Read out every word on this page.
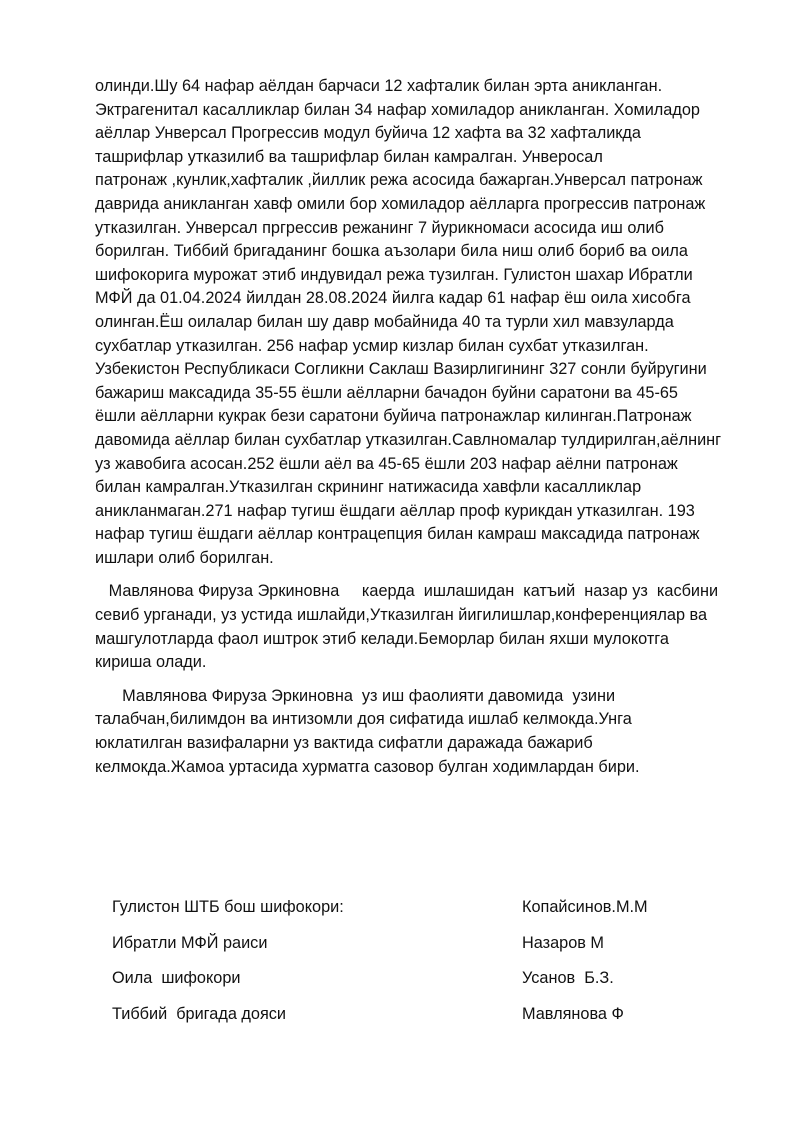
олинди.Шу 64 нафар аёлдан барчаси 12 хафталик билан эрта аникланган.
Эктрагенитал касалликлар билан 34 нафар хомиладор аникланган. Хомиладор
аёллар Унверсал Прогрессив модул буйича 12 хафта ва 32 хафталикда
ташрифлар утказилиб ва ташрифлар билан камралган. Унверосал
патронаж ,кунлик,хафталик ,йиллик режа асосида бажарган.Унверсал патронаж
даврида аникланган хавф омили бор хомиладор аёлларга прогрессив патронаж
утказилган. Унверсал пргрессив режанинг 7 йурикномаси асосида иш олиб
борилган. Тиббий бригаданинг бошка аъзолари била ниш олиб бориб ва оила
шифокорига мурожат этиб индувидал режа тузилган. Гулистон шахар Ибратли
МФЙ да 01.04.2024 йилдан 28.08.2024 йилга кадар 61 нафар ёш оила хисобга
олинган.Ёш оилалар билан шу давр мобайнида 40 та турли хил мавзуларда
сухбатлар утказилган. 256 нафар усмир кизлар билан сухбат утказилган.
Узбекистон Республикаси Согликни Саклаш Вазирлигининг 327 сонли буйругини
бажариш максадида 35-55 ёшли аёлларни бачадон буйни саратони ва 45-65
ёшли аёлларни кукрак бези саратони буйича патронажлар килинган.Патронаж
давомида аёллар билан сухбатлар утказилган.Савлномалар тулдирилган,аёлнинг
уз жавобига асосан.252 ёшли аёл ва 45-65 ёшли 203 нафар аёлни патронаж
билан камралган.Утказилган скрининг натижасида хавфли касалликлар
аникланмаган.271 нафар тугиш ёшдаги аёллар проф курикдан утказилган. 193
нафар тугиш ёшдаги аёллар контрацепция билан камраш максадида патронаж
ишлари олиб борилган.

Мавлянова Фируза Эркиновна     каерда  ишлашидан  катъий  назар уз  касбини
севиб урганади, уз устида ишлайди,Утказилган йигилишлар,конференциялар ва
машгулотларда фаол иштрок этиб келади.Беморлар билан яхши мулокотга
кириша олади.

Мавлянова Фируза Эркиновна  уз иш фаолияти давомида  узини
талабчан,билимдон ва интизомли доя сифатида ишлаб келмокда.Унга
юклатилган вазифаларни уз вактида сифатли даражада бажариб
келмокда.Жамоа уртасида хурматга сазовор булган ходимлардан бири.

Гулистон ШТБ бош шифокори:	Копайсинов.М.М
Ибратли МФЙ раиси	Назаров М
Оила  шифокори	Усанов  Б.З.
Тиббий  бригада дояси	Мавлянова Ф
